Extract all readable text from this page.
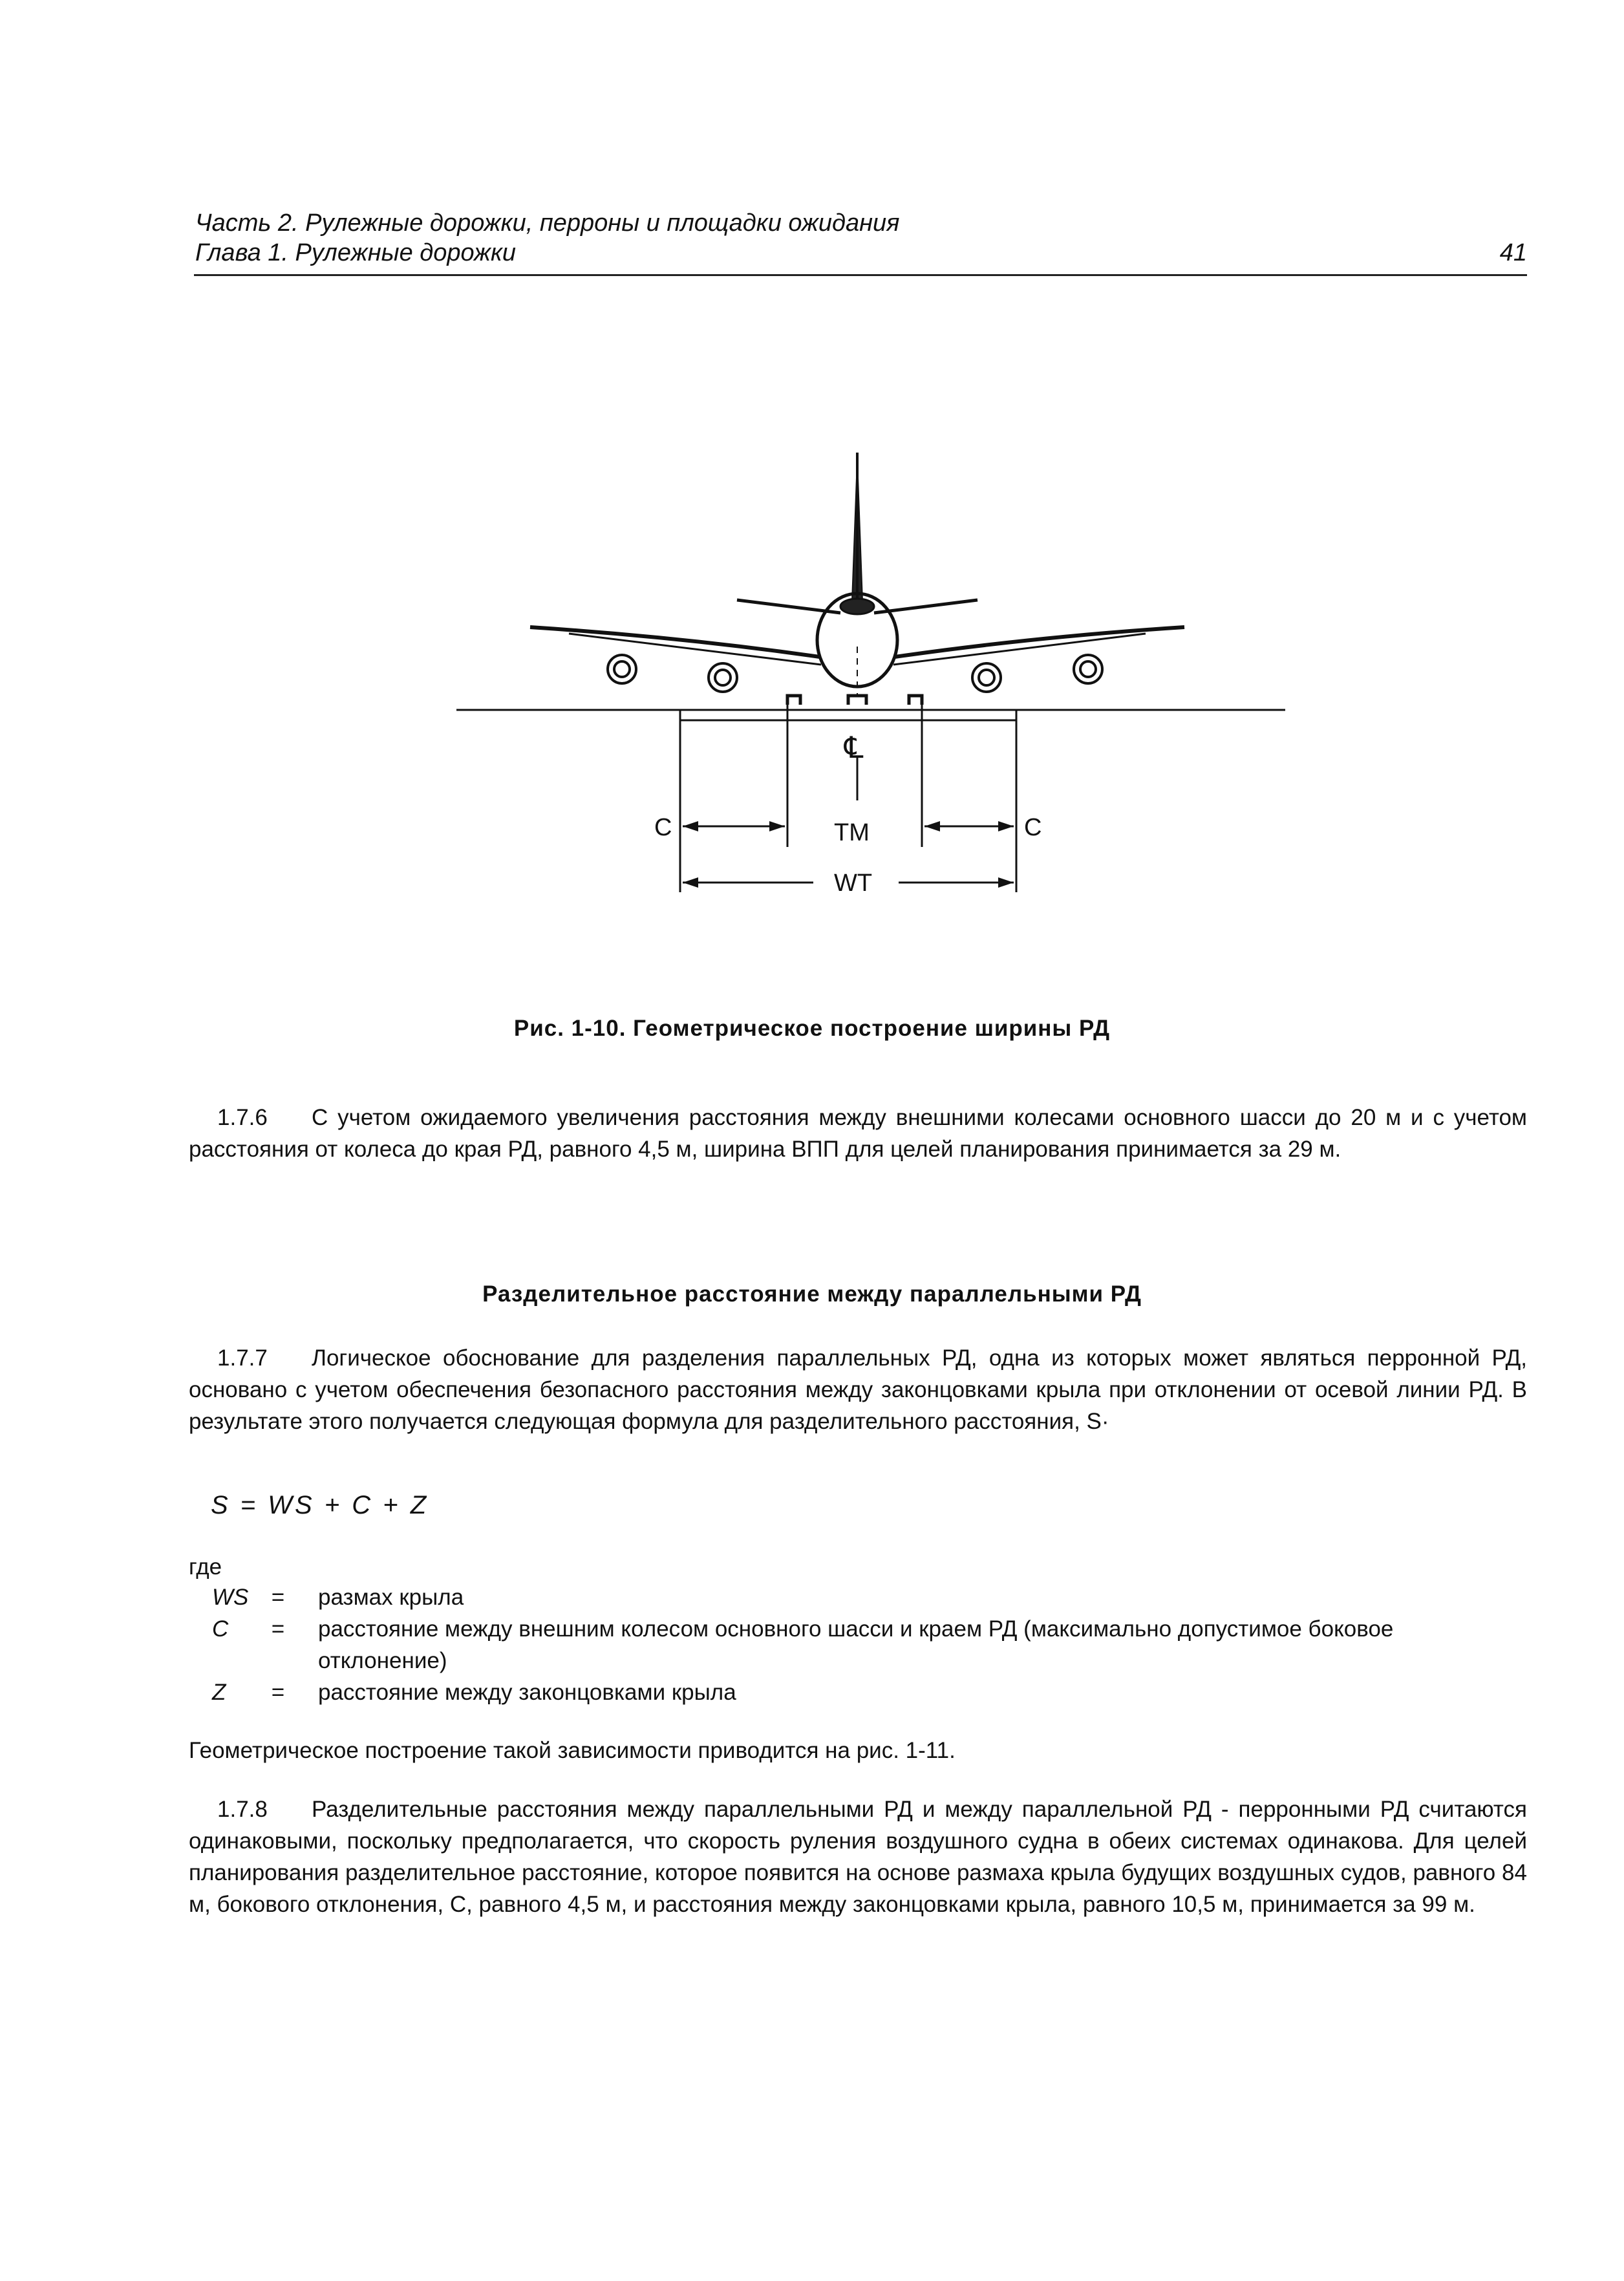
Часть 2. Рулежные дорожки, перроны и площадки ожидания
Глава 1. Рулежные дорожки	41
C	C
℄
TM
WT
Рис. 1-10. Геометрическое построение ширины РД
1.7.6 С учетом ожидаемого увеличения расстояния между внешними колесами основного шасси до 20 м и с учетом расстояния от колеса до края РД, равного 4,5 м, ширина ВПП для целей планирования принимается за 29 м.
Разделительное расстояние между параллельными РД
1.7.7 Логическое обоснование для разделения параллельных РД, одна из которых может являться перронной РД, основано с учетом обеспечения безопасного расстояния между законцовками крыла при отклонении от осевой линии РД. В результате этого получается следующая формула для разделительного расстояния, S·
S = WS + C + Z
где
WS	= размах крыла
C	= расстояние между внешним колесом основного шасси и краем РД (максимально допустимое боковое отклонение)
Z	= расстояние между законцовками крыла
Геометрическое построение такой зависимости приводится на рис. 1-11.
1.7.8 Разделительные расстояния между параллельными РД и между параллельной РД - перронными РД считаются одинаковыми, поскольку предполагается, что скорость руления воздушного судна в обеих системах одинакова. Для целей планирования разделительное расстояние, которое появится на основе размаха крыла будущих воздушных судов, равного 84 м, бокового отклонения, С, равного 4,5 м, и расстояния между законцовками крыла, равного 10,5 м, принимается за 99 м.
